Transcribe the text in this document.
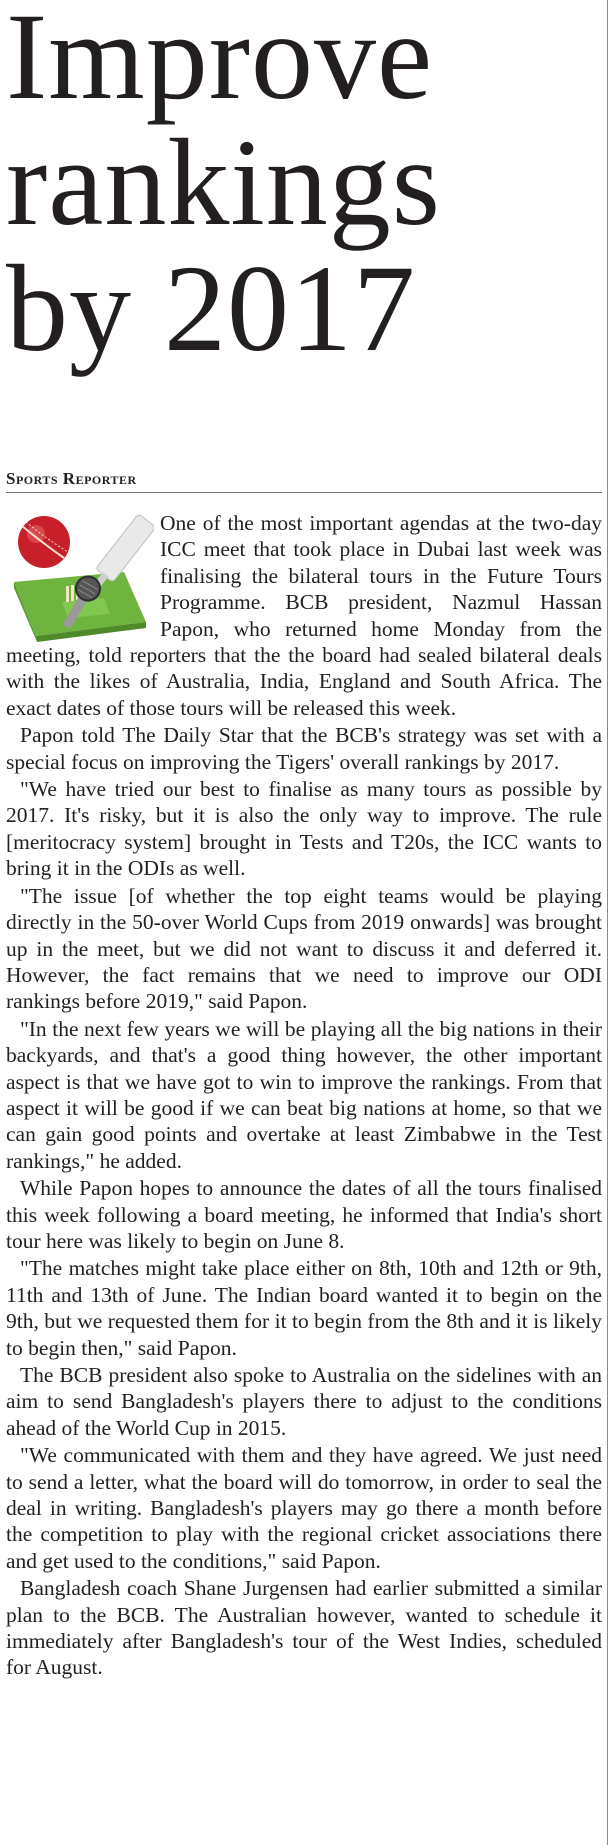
Improve
rankings
by 2017
Sports Reporter

One of the most important agendas at the two-day ICC meet that took place in Dubai last week was finalising the bilateral tours in the Future Tours Programme. BCB president, Nazmul Hassan Papon, who returned home Monday from the meeting, told reporters that the the board had sealed bilateral deals with the likes of Australia, India, England and South Africa. The exact dates of those tours will be released this week.

Papon told The Daily Star that the BCB's strategy was set with a special focus on improving the Tigers' overall rankings by 2017.

"We have tried our best to finalise as many tours as possible by 2017. It's risky, but it is also the only way to improve. The rule [meritocracy system] brought in Tests and T20s, the ICC wants to bring it in the ODIs as well.

"The issue [of whether the top eight teams would be playing directly in the 50-over World Cups from 2019 onwards] was brought up in the meet, but we did not want to discuss it and deferred it. However, the fact remains that we need to improve our ODI rankings before 2019," said Papon.

"In the next few years we will be playing all the big nations in their backyards, and that's a good thing however, the other important aspect is that we have got to win to improve the rankings. From that aspect it will be good if we can beat big nations at home, so that we can gain good points and overtake at least Zimbabwe in the Test rankings," he added.

While Papon hopes to announce the dates of all the tours finalised this week following a board meeting, he informed that India's short tour here was likely to begin on June 8.

"The matches might take place either on 8th, 10th and 12th or 9th, 11th and 13th of June. The Indian board wanted it to begin on the 9th, but we requested them for it to begin from the 8th and it is likely to begin then," said Papon.

The BCB president also spoke to Australia on the sidelines with an aim to send Bangladesh's players there to adjust to the conditions ahead of the World Cup in 2015.

"We communicated with them and they have agreed. We just need to send a letter, what the board will do tomorrow, in order to seal the deal in writing. Bangladesh's players may go there a month before the competition to play with the regional cricket associations there and get used to the conditions," said Papon.

Bangladesh coach Shane Jurgensen had earlier submitted a similar plan to the BCB. The Australian however, wanted to schedule it immediately after Bangladesh's tour of the West Indies, scheduled for August.
